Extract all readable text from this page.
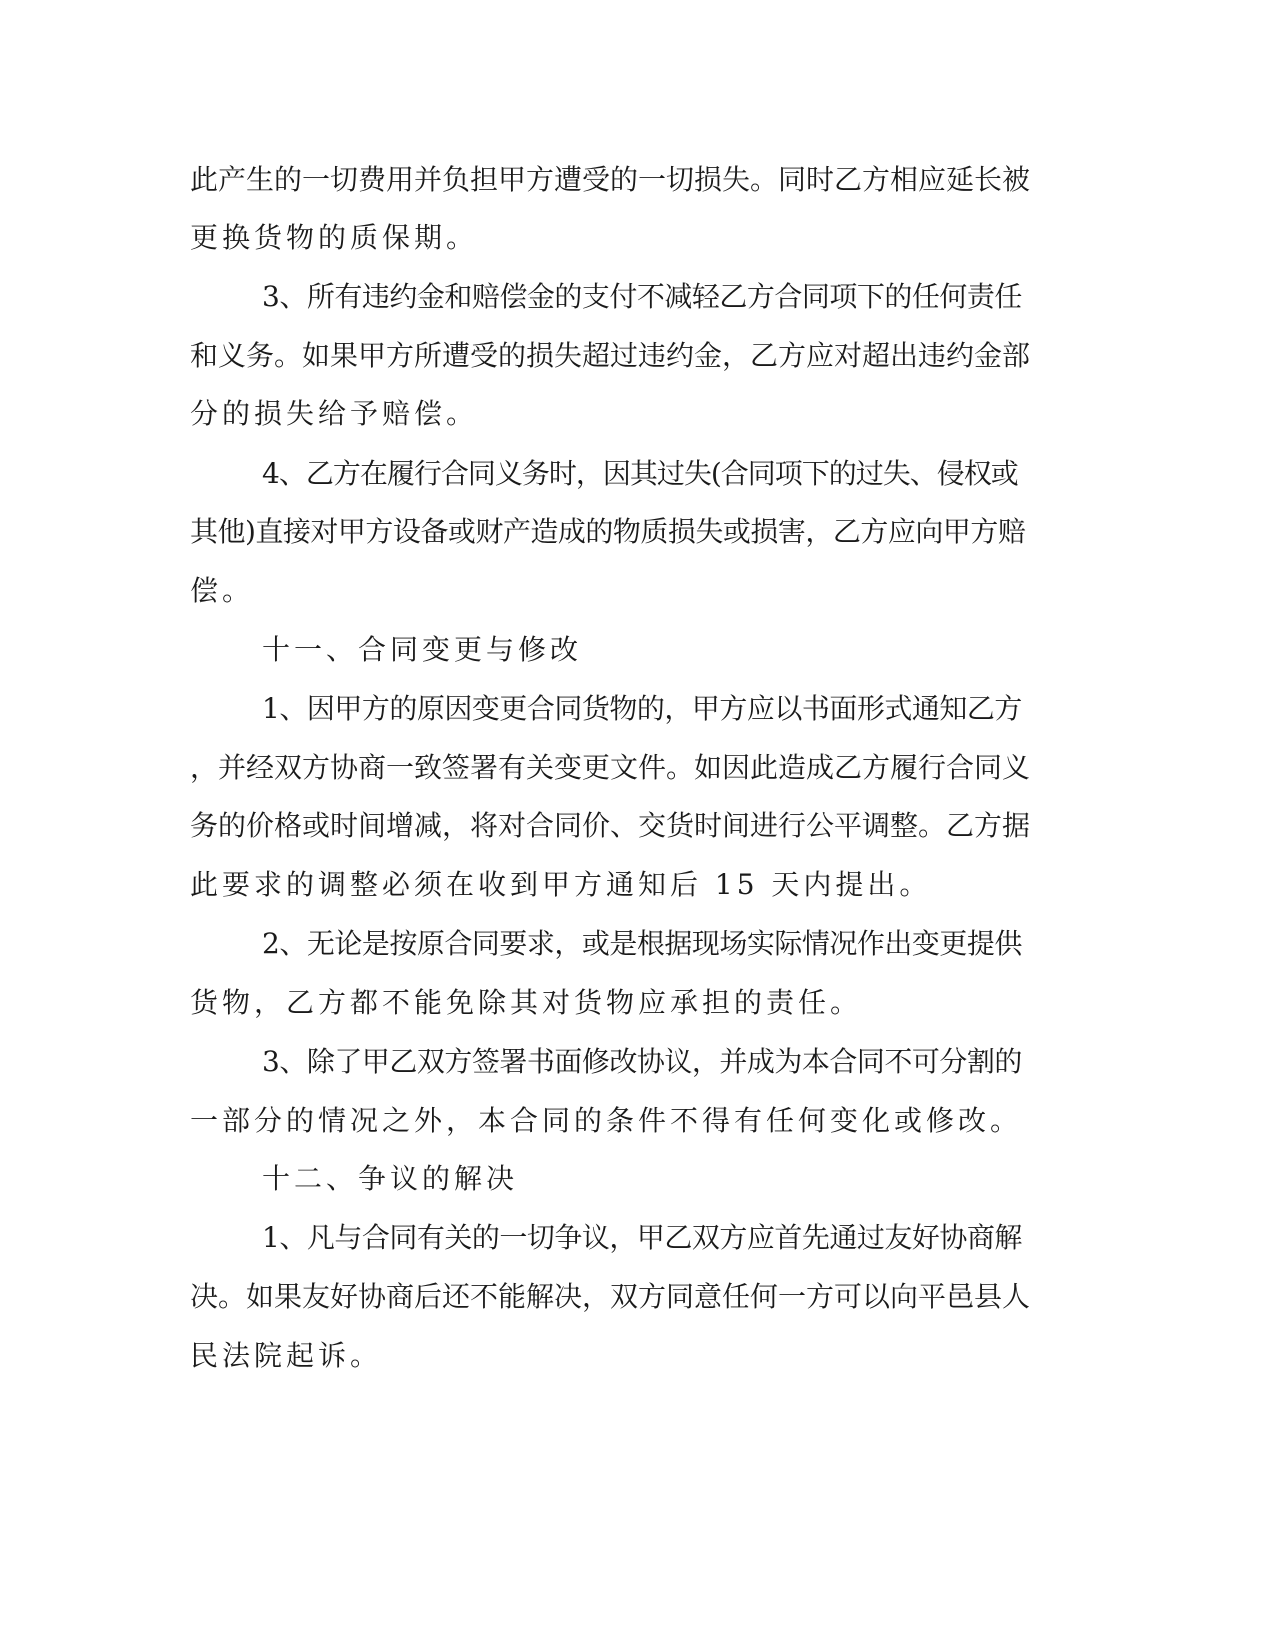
此产生的一切费用并负担甲方遭受的一切损失。同时乙方相应延长被
更换货物的质保期。
3、所有违约金和赔偿金的支付不减轻乙方合同项下的任何责任
和义务。如果甲方所遭受的损失超过违约金，乙方应对超出违约金部
分的损失给予赔偿。
4、乙方在履行合同义务时，因其过失(合同项下的过失、侵权或
其他)直接对甲方设备或财产造成的物质损失或损害，乙方应向甲方赔
偿。
十一、合同变更与修改
1、因甲方的原因变更合同货物的，甲方应以书面形式通知乙方
，并经双方协商一致签署有关变更文件。如因此造成乙方履行合同义
务的价格或时间增减，将对合同价、交货时间进行公平调整。乙方据
此要求的调整必须在收到甲方通知后 15 天内提出。
2、无论是按原合同要求，或是根据现场实际情况作出变更提供
货物，乙方都不能免除其对货物应承担的责任。
3、除了甲乙双方签署书面修改协议，并成为本合同不可分割的
一部分的情况之外，本合同的条件不得有任何变化或修改。
十二、争议的解决
1、凡与合同有关的一切争议，甲乙双方应首先通过友好协商解
决。如果友好协商后还不能解决，双方同意任何一方可以向平邑县人
民法院起诉。
